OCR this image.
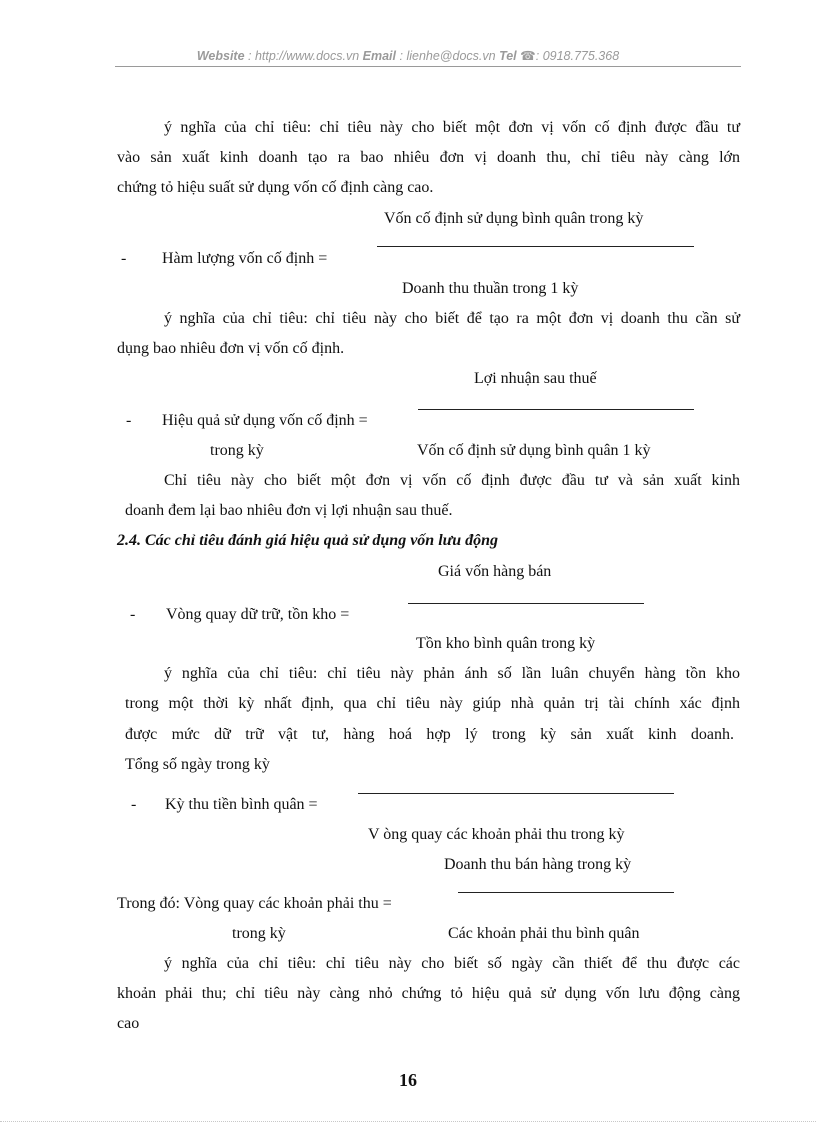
Website : http://www.docs.vn Email : lienhe@docs.vn Tel ☎: 0918.775.368
ý nghĩa của chỉ tiêu: chỉ tiêu này cho biết một đơn vị vốn cố định được đầu tư
vào sản xuất kinh doanh tạo ra bao nhiêu đơn vị doanh thu, chỉ tiêu này càng lớn
chứng tỏ hiệu suất sử dụng vốn cố định càng cao.
Vốn cố định sử dụng bình quân trong kỳ
- Hàm lượng vốn cố định =
Doanh thu thuần trong 1 kỳ
ý nghĩa của chỉ tiêu: chỉ tiêu này cho biết để tạo ra một đơn vị doanh thu cần sử
dụng bao nhiêu đơn vị vốn cố định.
Lợi nhuận sau thuế
- Hiệu quả sử dụng vốn cố định =
trong kỳ	Vốn cố định sử dụng bình quân 1 kỳ
Chỉ tiêu này cho biết một đơn vị vốn cố định được đầu tư và sản xuất kinh
doanh đem lại bao nhiêu đơn vị lợi nhuận sau thuế.
2.4. Các chỉ tiêu đánh giá hiệu quả sử dụng vốn lưu động
Giá vốn hàng bán
- Vòng quay dữ trữ, tồn kho =
Tồn kho bình quân trong kỳ
ý nghĩa của chỉ tiêu: chỉ tiêu này phản ánh số lần luân chuyển hàng tồn kho
trong một thời kỳ nhất định, qua chỉ tiêu này giúp nhà quản trị tài chính xác định
được mức dữ trữ vật tư, hàng hoá hợp lý trong kỳ sản xuất kinh doanh.
Tổng số ngày trong kỳ
- Kỳ thu tiền bình quân =
V òng quay các khoản phải thu trong kỳ
Doanh thu bán hàng trong kỳ
Trong đó: Vòng quay các khoản phải thu =
trong kỳ	Các khoản phải thu bình quân
ý nghĩa của chỉ tiêu: chỉ tiêu này cho biết số ngày cần thiết để thu được các
khoản phải thu; chỉ tiêu này càng nhỏ chứng tỏ hiệu quả sử dụng vốn lưu động càng
cao
16
